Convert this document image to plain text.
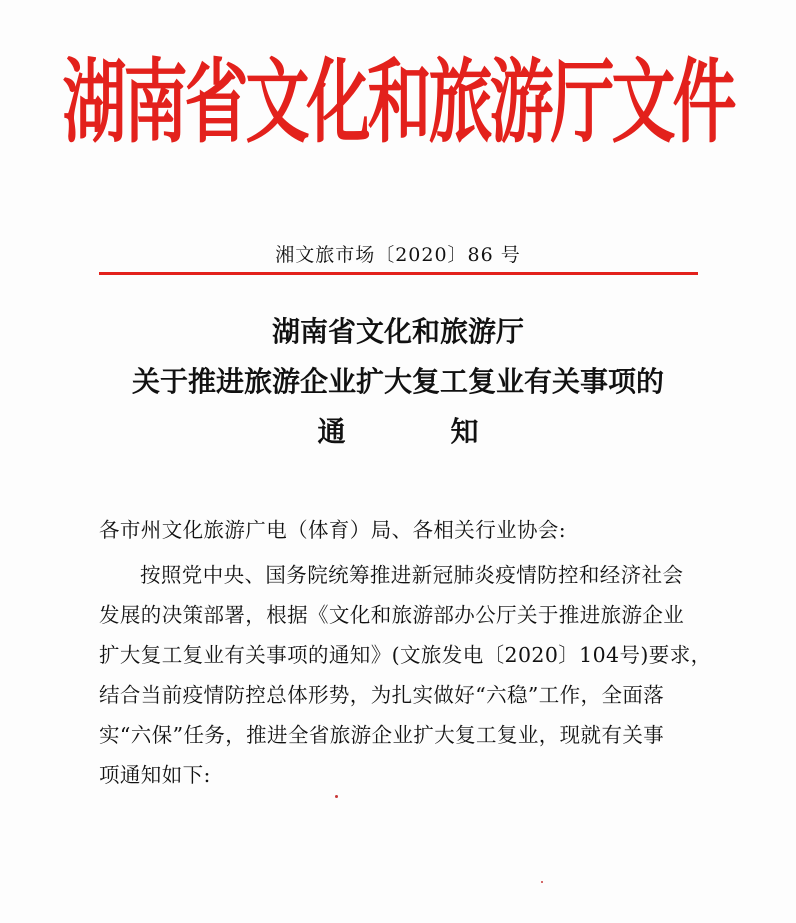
湖南省文化和旅游厅文件
湘文旅市场〔2020〕86 号
湖南省文化和旅游厅
关于推进旅游企业扩大复工复业有关事项的
通	知
各市州文化旅游广电（体育）局、各相关行业协会:
按照党中央、国务院统筹推进新冠肺炎疫情防控和经济社会
发展的决策部署，根据《文化和旅游部办公厅关于推进旅游企业
扩大复工复业有关事项的通知》(文旅发电〔2020〕104号)要求，
结合当前疫情防控总体形势，为扎实做好“六稳”工作，全面落
实“六保”任务，推进全省旅游企业扩大复工复业，现就有关事
项通知如下:
